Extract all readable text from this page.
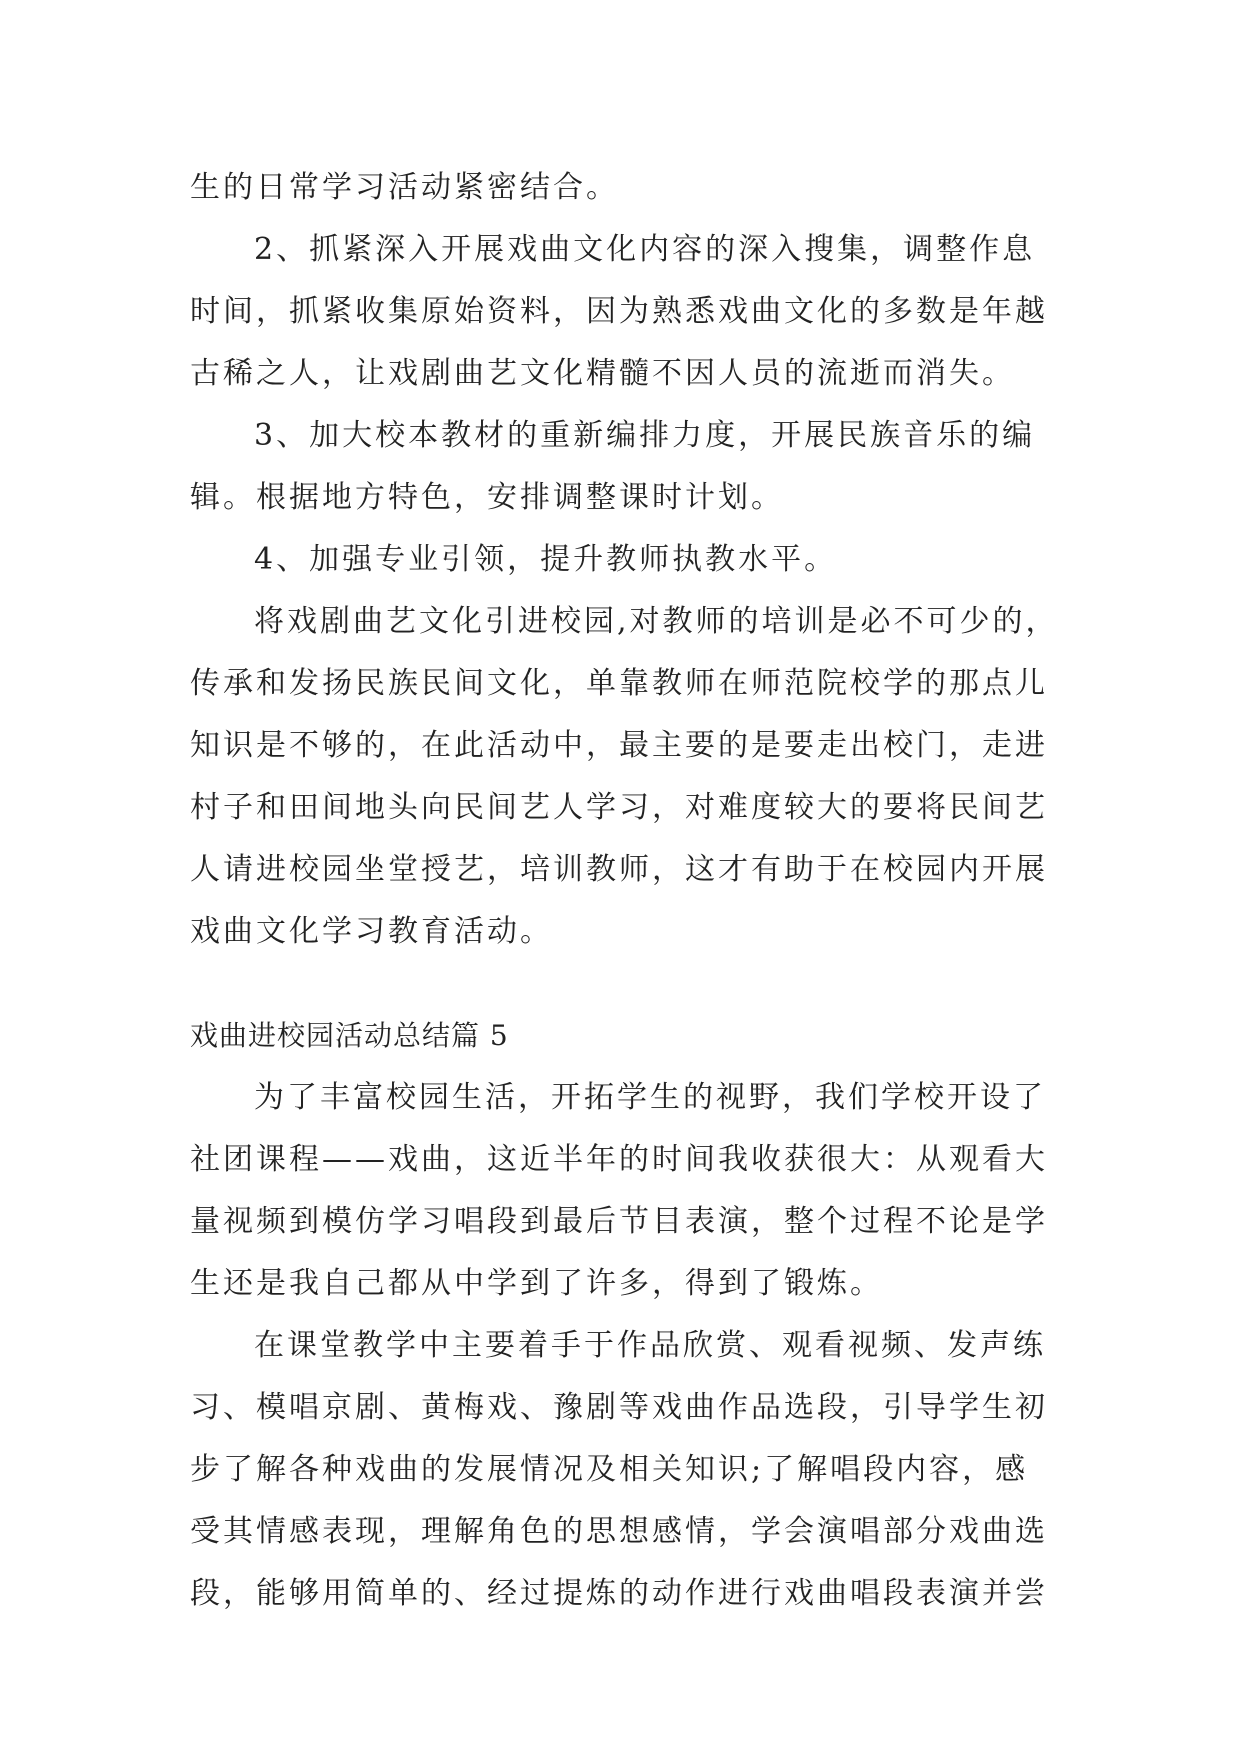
生的日常学习活动紧密结合。
2、抓紧深入开展戏曲文化内容的深入搜集，调整作息
时间，抓紧收集原始资料，因为熟悉戏曲文化的多数是年越
古稀之人，让戏剧曲艺文化精髓不因人员的流逝而消失。
3、加大校本教材的重新编排力度，开展民族音乐的编
辑。根据地方特色，安排调整课时计划。
4、加强专业引领，提升教师执教水平。
将戏剧曲艺文化引进校园,对教师的培训是必不可少的，
传承和发扬民族民间文化，单靠教师在师范院校学的那点儿
知识是不够的，在此活动中，最主要的是要走出校门，走进
村子和田间地头向民间艺人学习，对难度较大的要将民间艺
人请进校园坐堂授艺，培训教师，这才有助于在校园内开展
戏曲文化学习教育活动。
戏曲进校园活动总结篇 5
为了丰富校园生活，开拓学生的视野，我们学校开设了
社团课程——戏曲，这近半年的时间我收获很大：从观看大
量视频到模仿学习唱段到最后节目表演，整个过程不论是学
生还是我自己都从中学到了许多，得到了锻炼。
在课堂教学中主要着手于作品欣赏、观看视频、发声练
习、模唱京剧、黄梅戏、豫剧等戏曲作品选段，引导学生初
步了解各种戏曲的发展情况及相关知识;了解唱段内容，感
受其情感表现，理解角色的思想感情，学会演唱部分戏曲选
段，能够用简单的、经过提炼的动作进行戏曲唱段表演并尝
